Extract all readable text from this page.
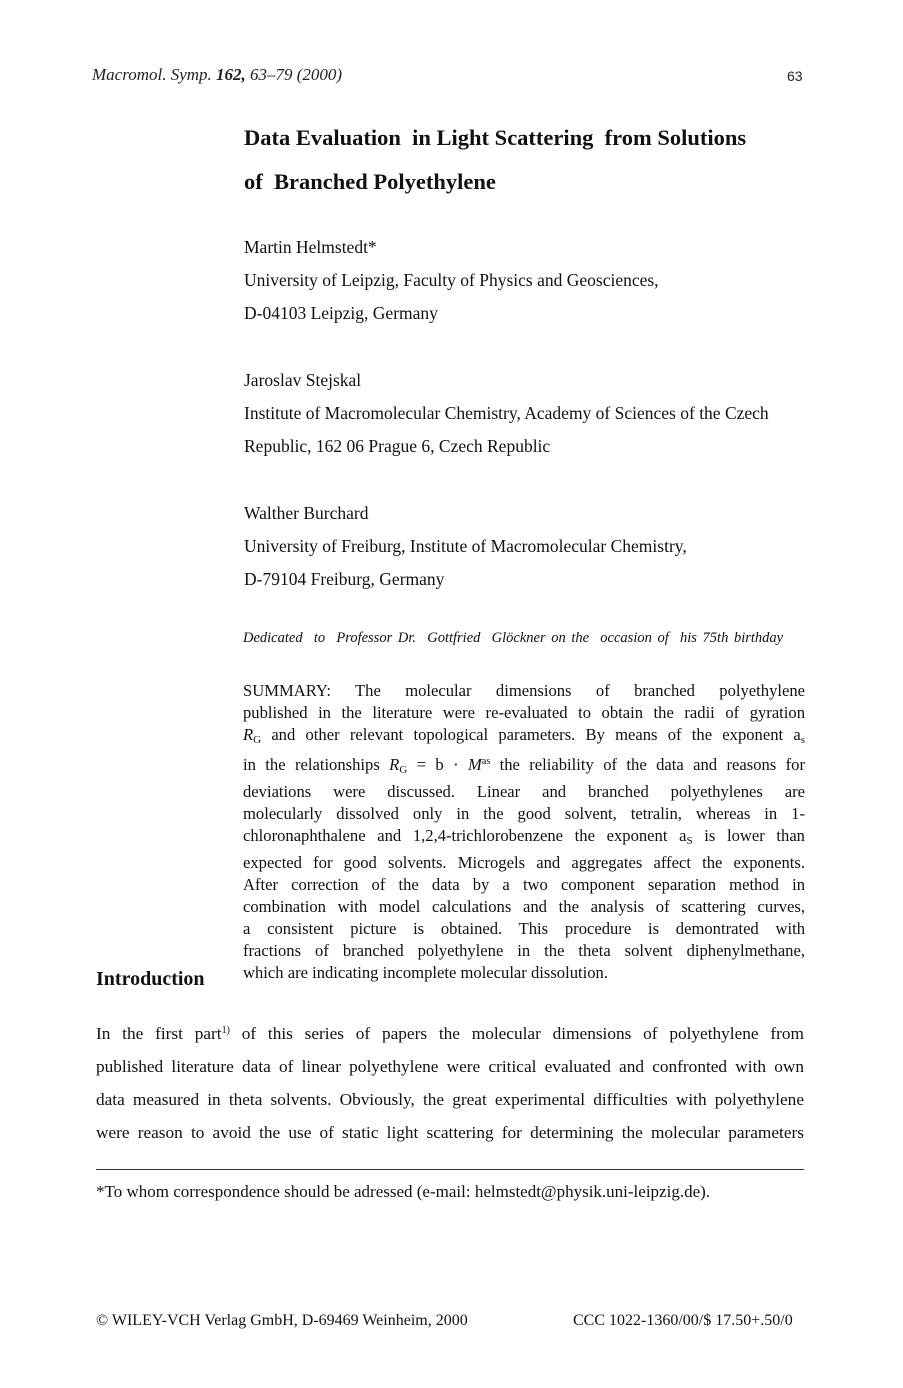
Macromol. Symp. 162, 63–79 (2000)	63
Data Evaluation  in Light Scattering  from Solutions
of  Branched Polyethylene
Martin Helmstedt*
University of Leipzig, Faculty of Physics and Geosciences,
D-04103 Leipzig, Germany
Jaroslav Stejskal
Institute of Macromolecular Chemistry, Academy of Sciences of the Czech
Republic, 162 06 Prague 6, Czech Republic
Walther Burchard
University of Freiburg, Institute of Macromolecular Chemistry,
D-79104 Freiburg, Germany
Dedicated  to  Professor Dr.  Gottfried  Glöckner on the  occasion of  his 75th birthday
SUMMARY: The molecular dimensions of branched polyethylene
published in the literature were re-evaluated to obtain the radii of gyration
$R_G$ and other relevant topological parameters. By means of the exponent $a_s$
in the relationships $R_G = b \cdot M^{as}$ the reliability of the data and reasons for
deviations were discussed. Linear and branched polyethylenes are
molecularly dissolved only in the good solvent, tetralin, whereas in 1-
chloronaphthalene and 1,2,4-trichlorobenzene the exponent $a_S$ is lower than
expected for good solvents. Microgels and aggregates affect the exponents.
After correction of the data by a two component separation method in
combination with model calculations and the analysis of scattering curves,
a consistent picture is obtained. This procedure is demontrated with
fractions of branched polyethylene in the theta solvent diphenylmethane,
which are indicating incomplete molecular dissolution.
Introduction
In the first part$^{1)}$ of this series of papers the molecular dimensions of polyethylene from
published literature data of linear polyethylene were critical evaluated and confronted with own
data measured in theta solvents. Obviously, the great experimental difficulties with polyethylene
were reason to avoid the use of static light scattering for determining the molecular parameters
*To whom correspondence should be adressed (e-mail: helmstedt@physik.uni-leipzig.de).
© WILEY-VCH Verlag GmbH, D-69469 Weinheim, 2000	CCC 1022-1360/00/$ 17.50+.50/0
